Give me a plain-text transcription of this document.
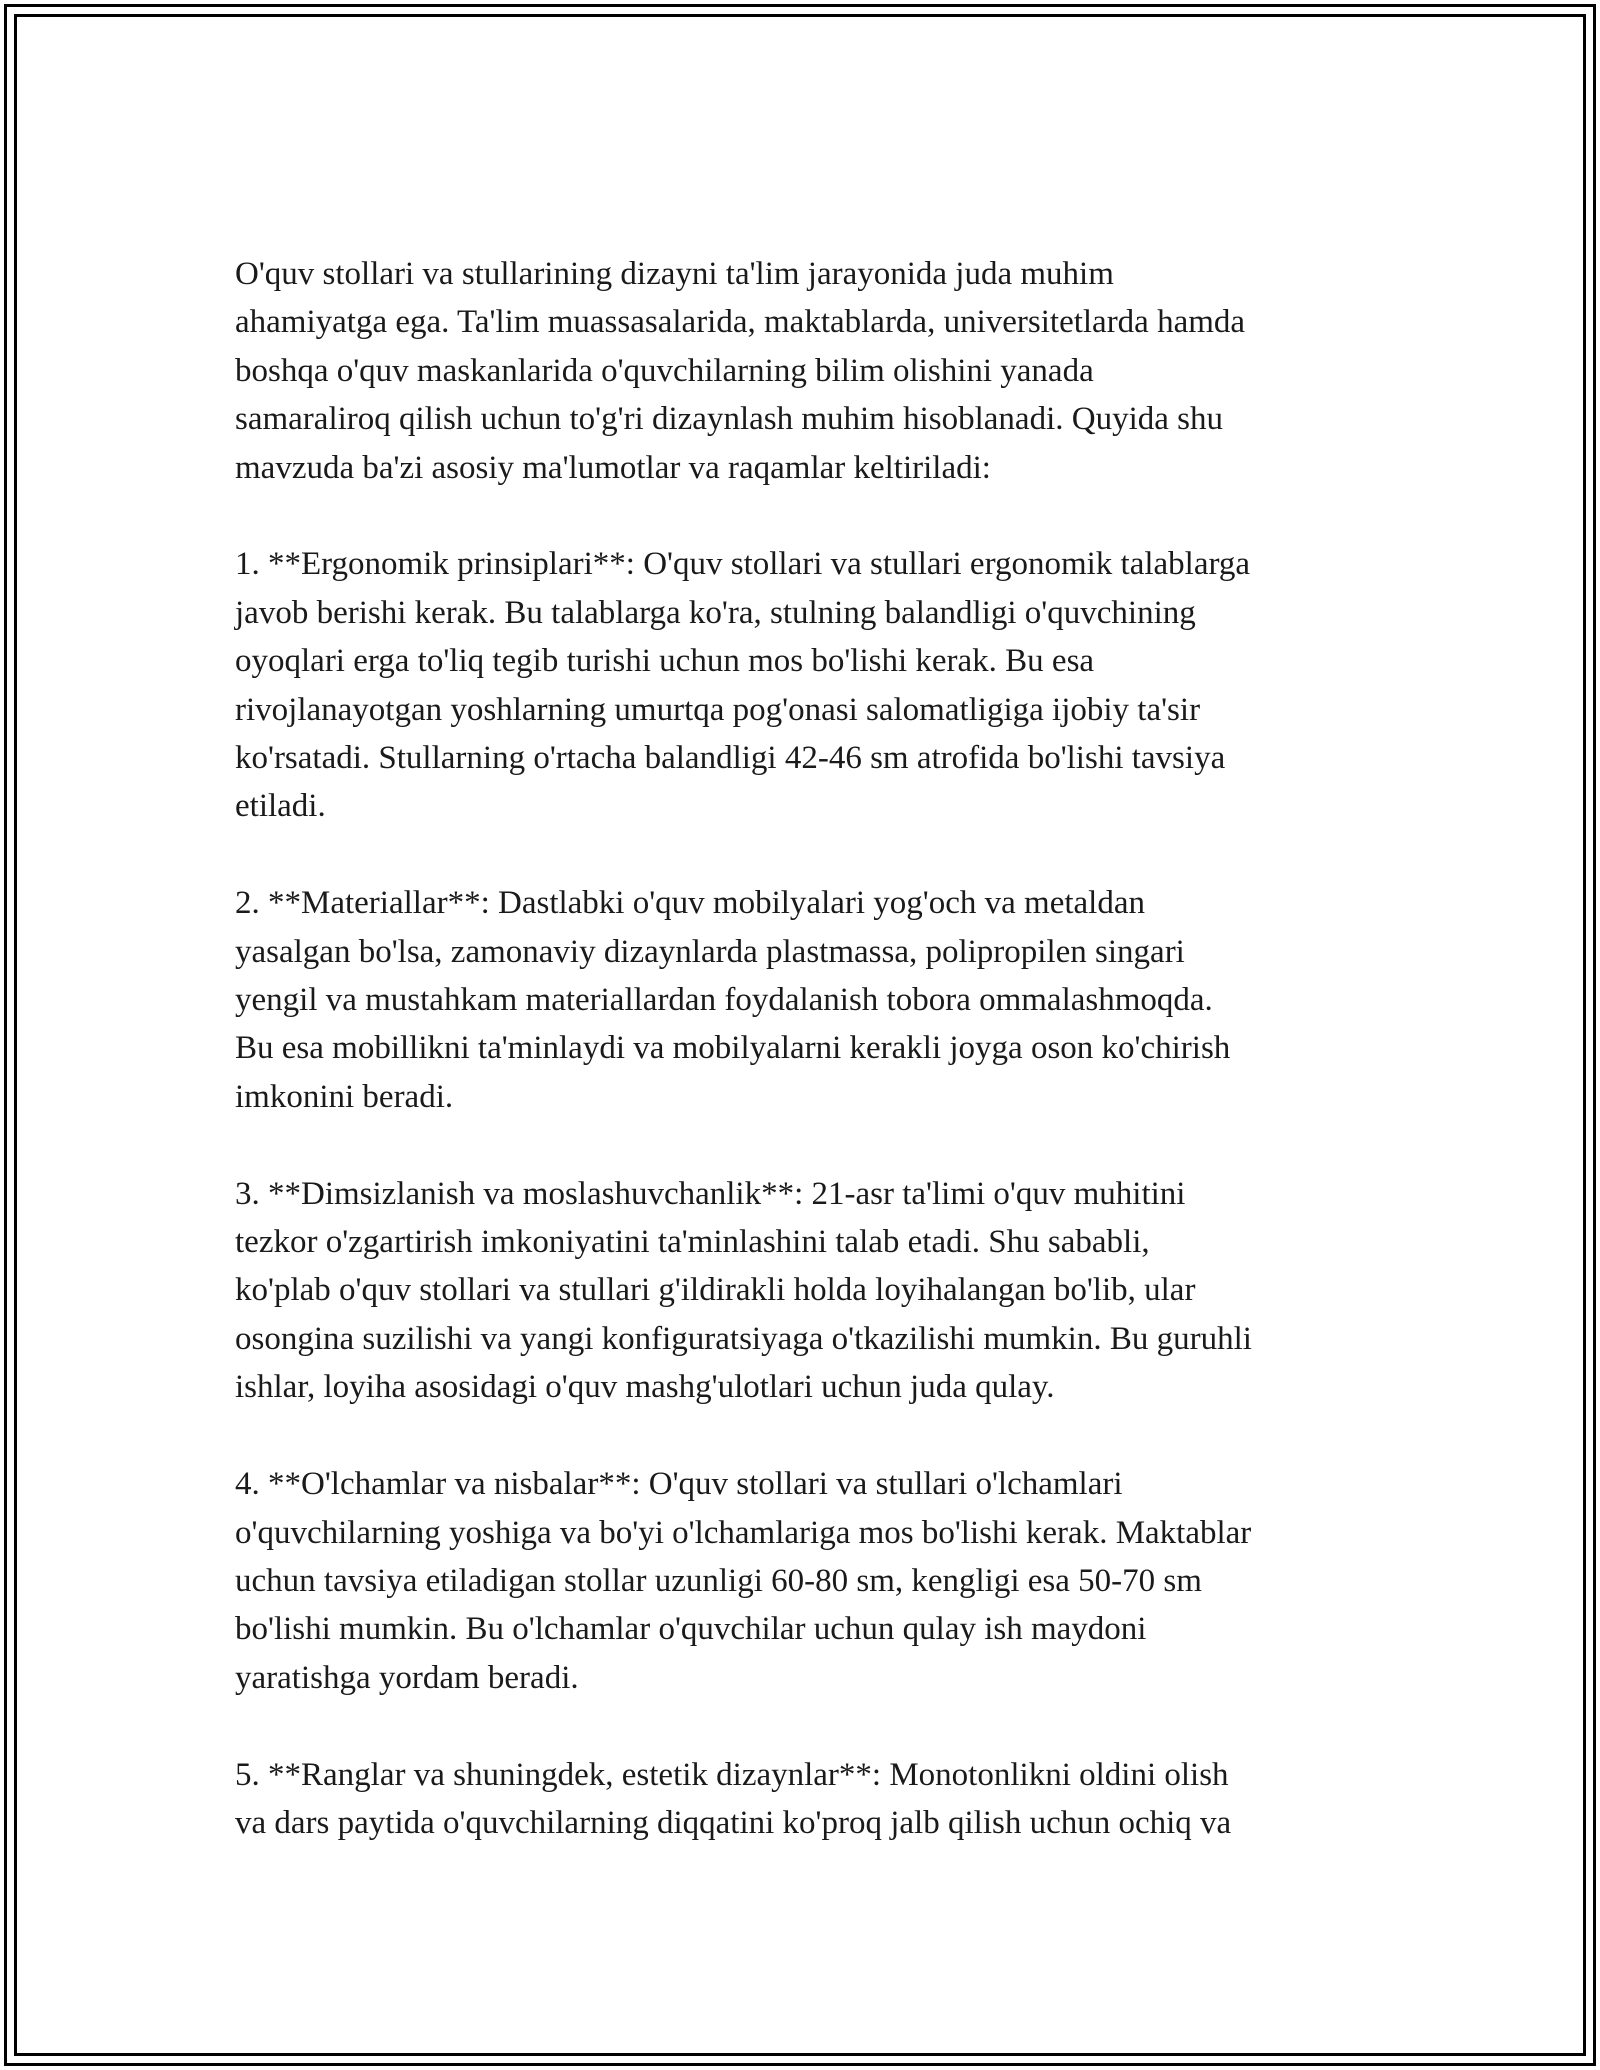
O'quv stollari va stullarining dizayni ta'lim jarayonida juda muhim
ahamiyatga ega. Ta'lim muassasalarida, maktablarda, universitetlarda hamda
boshqa o'quv maskanlarida o'quvchilarning bilim olishini yanada
samaraliroq qilish uchun to'g'ri dizaynlash muhim hisoblanadi. Quyida shu
mavzuda ba'zi asosiy ma'lumotlar va raqamlar keltiriladi:

1. **Ergonomik prinsiplari**: O'quv stollari va stullari ergonomik talablarga
javob berishi kerak. Bu talablarga ko'ra, stulning balandligi o'quvchining
oyoqlari erga to'liq tegib turishi uchun mos bo'lishi kerak. Bu esa
rivojlanayotgan yoshlarning umurtqa pog'onasi salomatligiga ijobiy ta'sir
ko'rsatadi. Stullarning o'rtacha balandligi 42-46 sm atrofida bo'lishi tavsiya
etiladi.

2. **Materiallar**: Dastlabki o'quv mobilyalari yog'och va metaldan
yasalgan bo'lsa, zamonaviy dizaynlarda plastmassa, polipropilen singari
yengil va mustahkam materiallardan foydalanish tobora ommalashmoqda.
Bu esa mobillikni ta'minlaydi va mobilyalarni kerakli joyga oson ko'chirish
imkonini beradi.

3. **Dimsizlanish va moslashuvchanlik**: 21-asr ta'limi o'quv muhitini
tezkor o'zgartirish imkoniyatini ta'minlashini talab etadi. Shu sababli,
ko'plab o'quv stollari va stullari g'ildirakli holda loyihalangan bo'lib, ular
osongina suzilishi va yangi konfiguratsiyaga o'tkazilishi mumkin. Bu guruhli
ishlar, loyiha asosidagi o'quv mashg'ulotlari uchun juda qulay.

4. **O'lchamlar va nisbalar**: O'quv stollari va stullari o'lchamlari
o'quvchilarning yoshiga va bo'yi o'lchamlariga mos bo'lishi kerak. Maktablar
uchun tavsiya etiladigan stollar uzunligi 60-80 sm, kengligi esa 50-70 sm
bo'lishi mumkin. Bu o'lchamlar o'quvchilar uchun qulay ish maydoni
yaratishga yordam beradi.

5. **Ranglar va shuningdek, estetik dizaynlar**: Monotonlikni oldini olish
va dars paytida o'quvchilarning diqqatini ko'proq jalb qilish uchun ochiq va
